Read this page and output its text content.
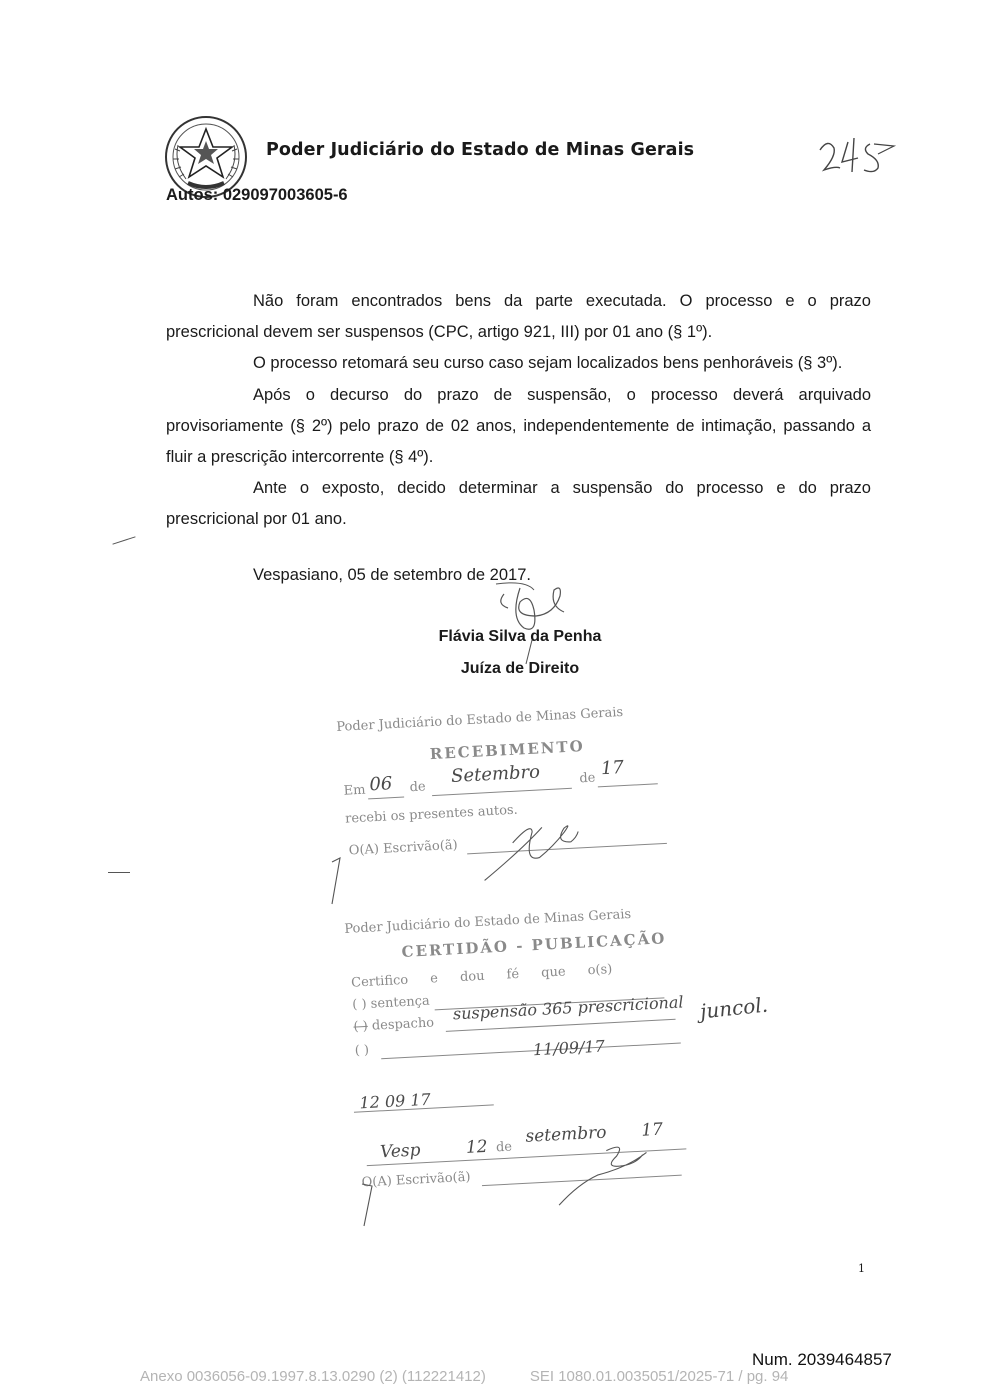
Poder Judiciário do Estado de Minas Gerais
Autos: 029097003605-6

Não foram encontrados bens da parte executada. O processo e o prazo prescricional devem ser suspensos (CPC, artigo 921, III) por 01 ano (§ 1º).

O processo retomará seu curso caso sejam localizados bens penhoráveis (§ 3º).

Após o decurso do prazo de suspensão, o processo deverá arquivado provisoriamente (§ 2º) pelo prazo de 02 anos, independentemente de intimação, passando a fluir a prescrição intercorrente (§ 4º).

Ante o exposto, decido determinar a suspensão do processo e do prazo prescricional por 01 ano.

Vespasiano, 05 de setembro de 2017.
Flávia Silva da Penha
Juíza de Direito
Poder Judiciário do Estado de Minas Gerais
RECEBIMENTO
Em 06 de
Setembro	de 17
recebi os presentes autos.
O(A) Escrivão(ã)
Poder Judiciário do Estado de Minas Gerais
CERTIDÃO - PUBLICAÇÃO
Certifico e dou fé que o(s)
( ) sentença
( ) despacho
suspensão 365 prescricional
( )	11/09/17
12 09 17
Vesp	12 de
setembro 17
O(A) Escrivão(ã)
juncol.
1
Num. 2039464857
Anexo 0036056-09.1997.8.13.0290 (2) (112221412)	SEI 1080.01.0035051/2025-71 / pg. 94
